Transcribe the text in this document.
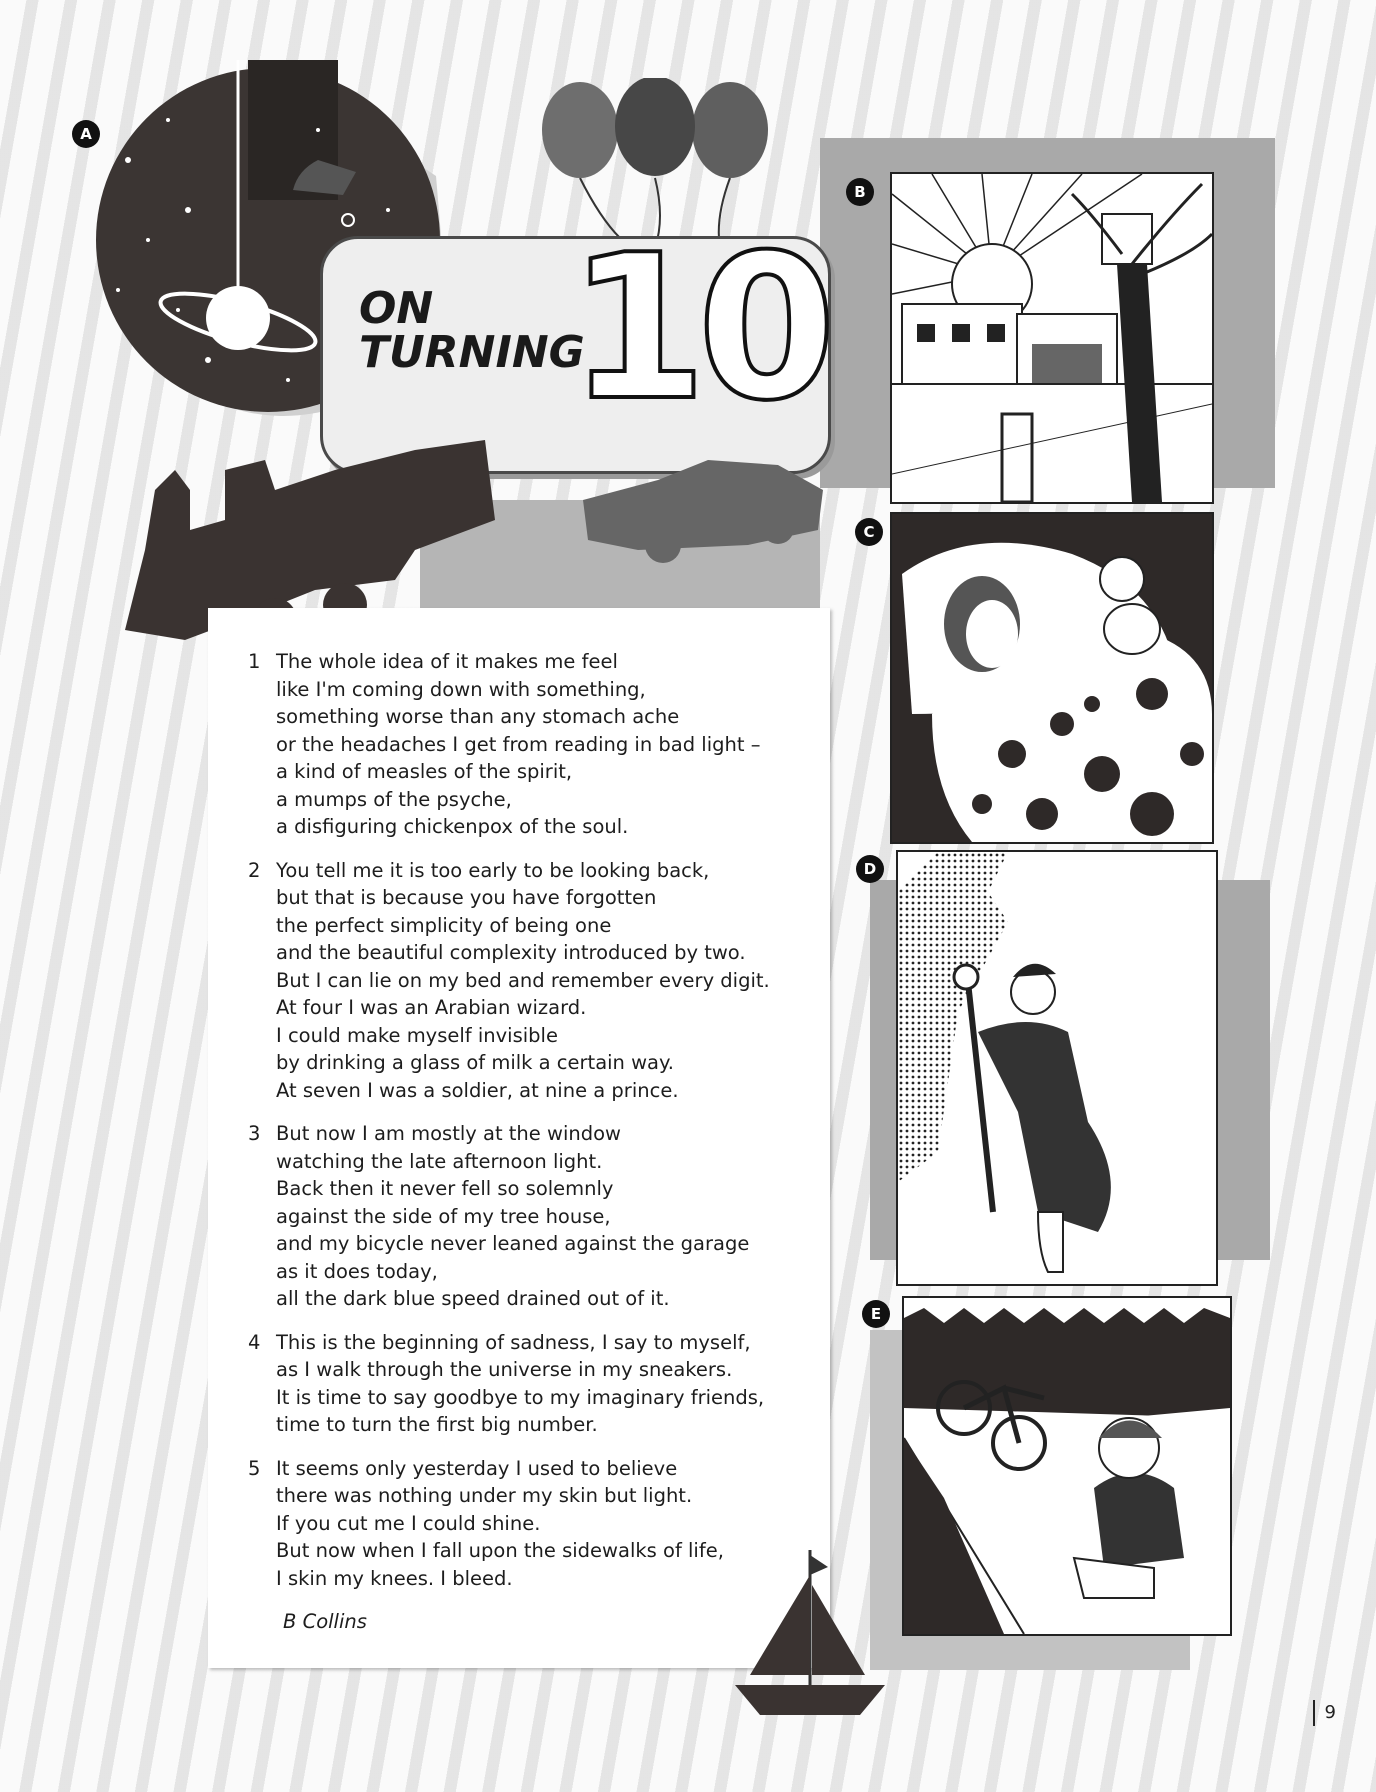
A
ON
TURNING
10
1 The whole idea of it makes me feel
like I'm coming down with something,
something worse than any stomach ache
or the headaches I get from reading in bad light –
a kind of measles of the spirit,
a mumps of the psyche,
a disfiguring chickenpox of the soul.
2 You tell me it is too early to be looking back,
but that is because you have forgotten
the perfect simplicity of being one
and the beautiful complexity introduced by two.
But I can lie on my bed and remember every digit.
At four I was an Arabian wizard.
I could make myself invisible
by drinking a glass of milk a certain way.
At seven I was a soldier, at nine a prince.
3 But now I am mostly at the window
watching the late afternoon light.
Back then it never fell so solemnly
against the side of my tree house,
and my bicycle never leaned against the garage
as it does today,
all the dark blue speed drained out of it.
4 This is the beginning of sadness, I say to myself,
as I walk through the universe in my sneakers.
It is time to say goodbye to my imaginary friends,
time to turn the first big number.
5 It seems only yesterday I used to believe
there was nothing under my skin but light.
If you cut me I could shine.
But now when I fall upon the sidewalks of life,
I skin my knees. I bleed.
B Collins
B
C
D
E
9
